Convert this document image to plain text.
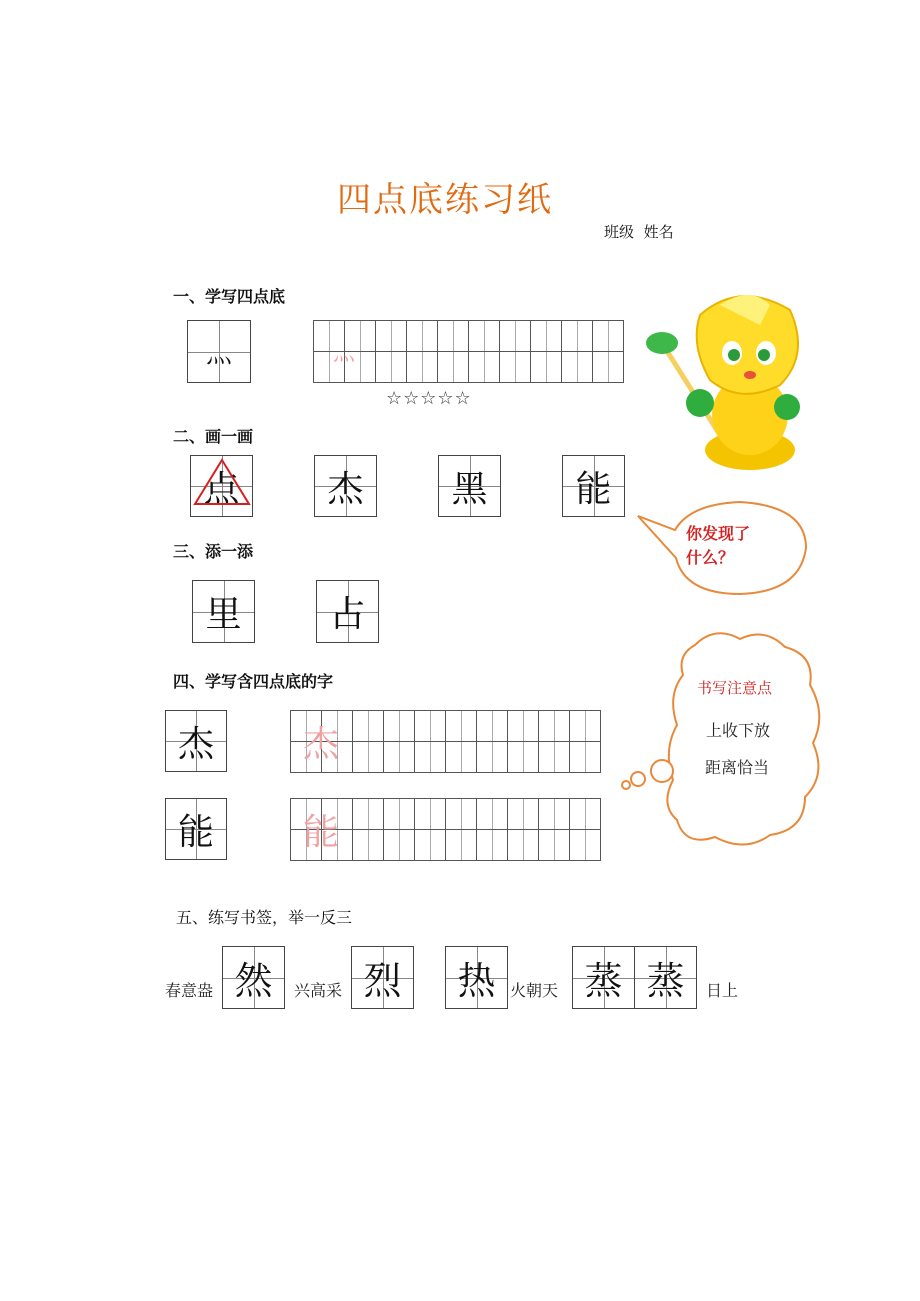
四点底练习纸
班级 姓名
一、学写四点底
灬	灬
☆☆☆☆☆
二、画一画
点	杰	黑	能
三、添一添
里	占
四、学写含四点底的字
杰	杰
能	能
五、练写书签，举一反三
春意盎 然	兴高采 烈	热 火朝天 蒸 蒸	日上
你发现了
什么？
书写注意点
上收下放
距离恰当
